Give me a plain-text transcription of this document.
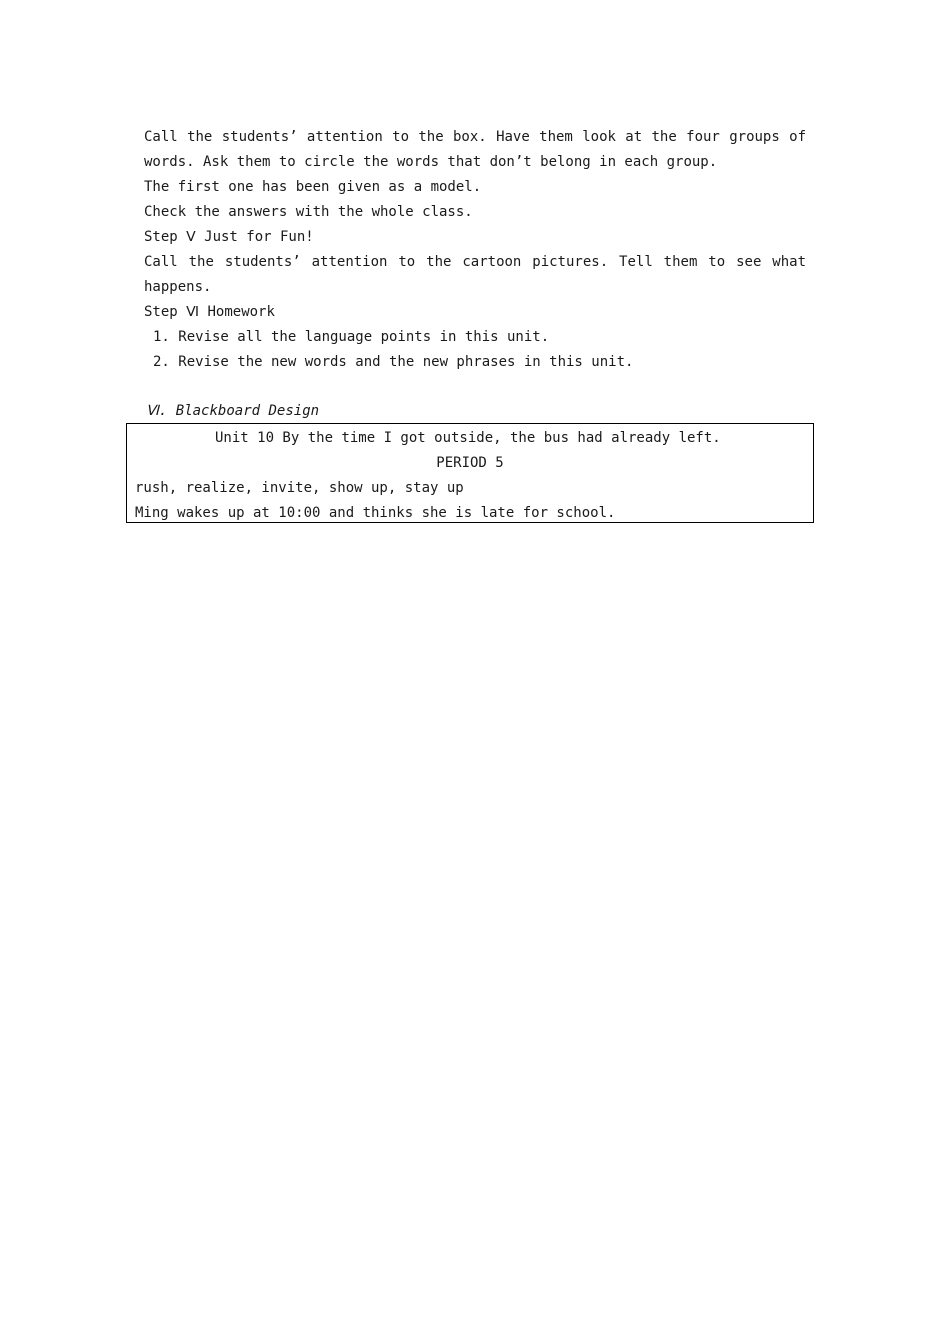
Call the students’ attention to the box. Have them look at the four groups of
words. Ask them to circle the words that don’t belong in each group.
The first one has been given as a model.
Check the answers with the whole class.
Step Ⅴ Just for Fun!
Call the students’ attention to the cartoon pictures. Tell them to see what
happens.
Step Ⅵ Homework
1. Revise all the language points in this unit.
2. Revise the new words and the new phrases in this unit.
Ⅵ. Blackboard Design
Unit 10 By the time I got outside, the bus had already left.
PERIOD 5
rush, realize, invite, show up, stay up
Ming wakes up at 10:00 and thinks she is late for school.
